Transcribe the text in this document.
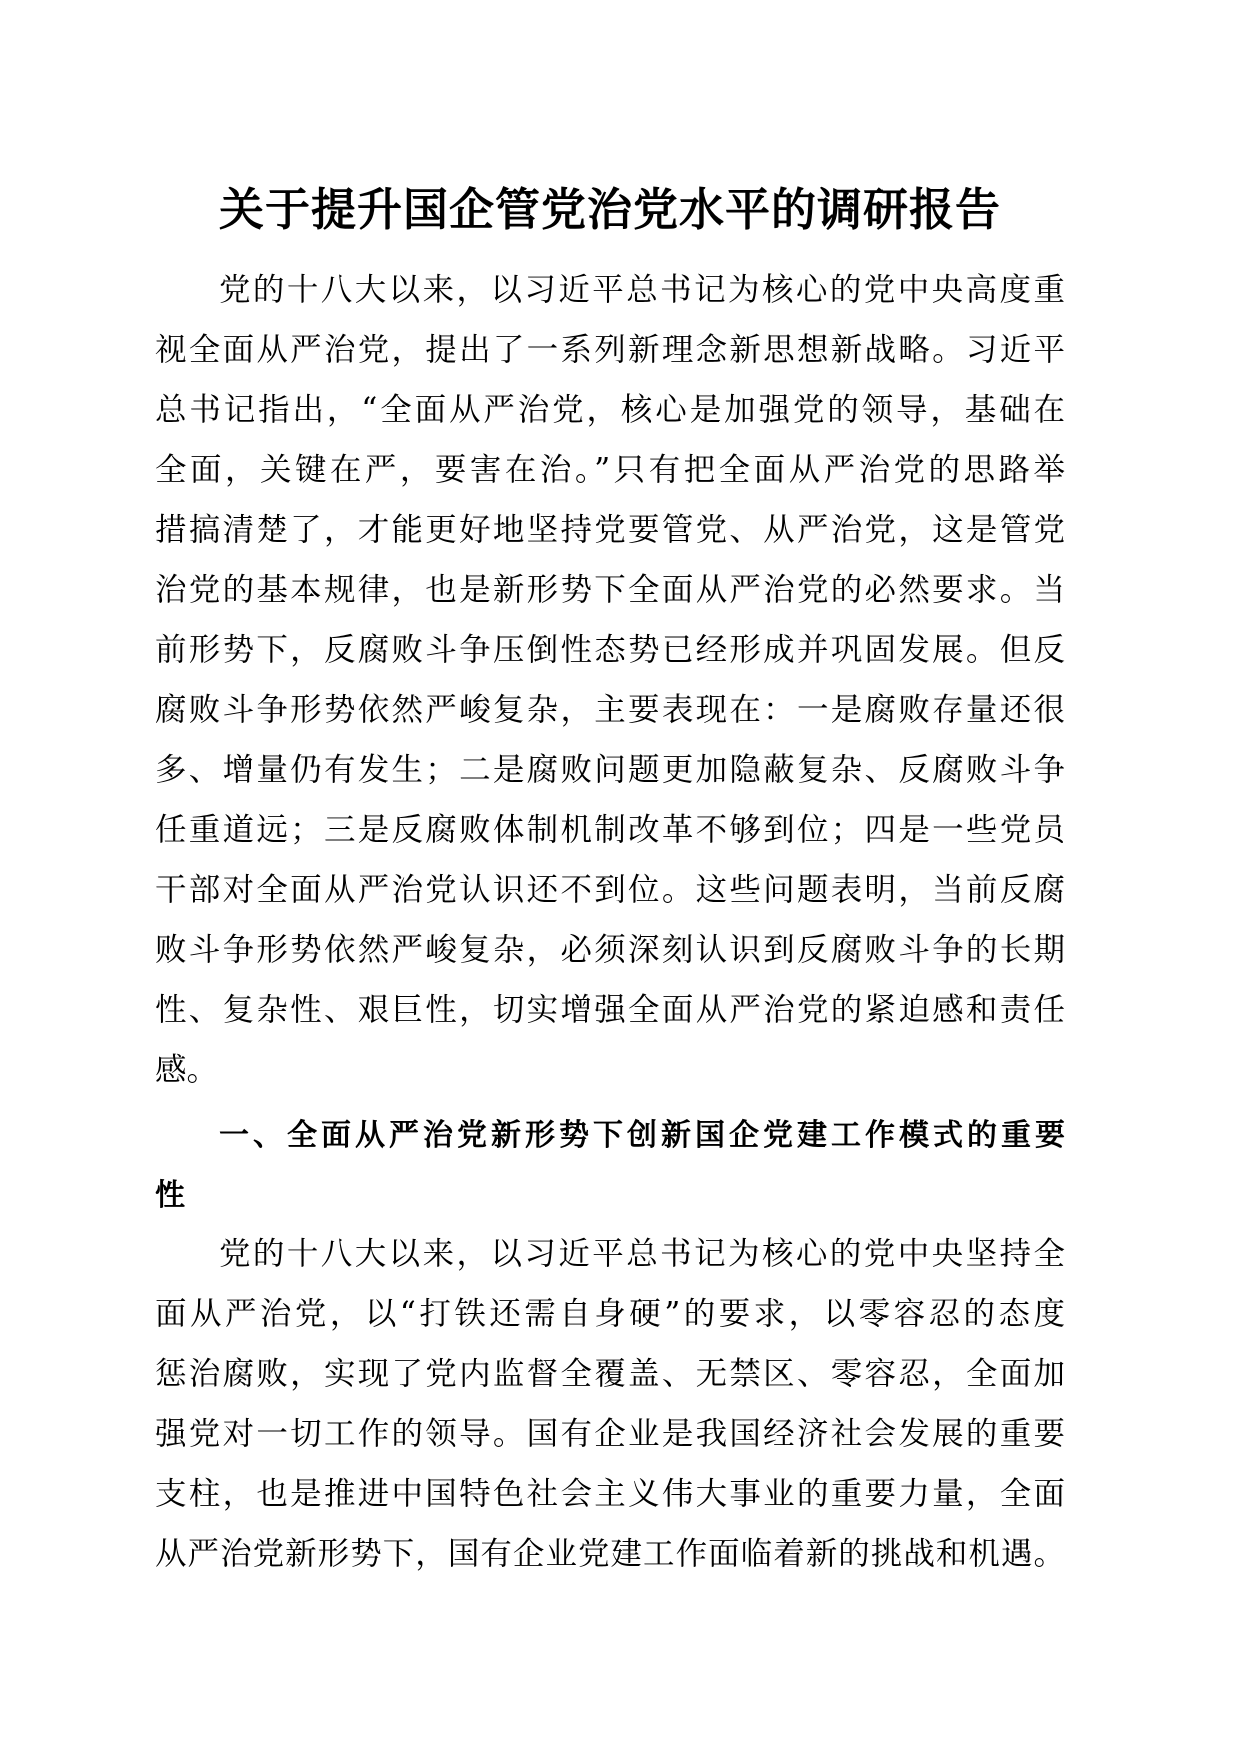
关于提升国企管党治党水平的调研报告
党的十八大以来，以习近平总书记为核心的党中央高度重
视全面从严治党，提出了一系列新理念新思想新战略。习近平
总书记指出，“全面从严治党，核心是加强党的领导，基础在
全面，关键在严，要害在治。”只有把全面从严治党的思路举
措搞清楚了，才能更好地坚持党要管党、从严治党，这是管党
治党的基本规律，也是新形势下全面从严治党的必然要求。当
前形势下，反腐败斗争压倒性态势已经形成并巩固发展。但反
腐败斗争形势依然严峻复杂，主要表现在：一是腐败存量还很
多、增量仍有发生；二是腐败问题更加隐蔽复杂、反腐败斗争
任重道远；三是反腐败体制机制改革不够到位；四是一些党员
干部对全面从严治党认识还不到位。这些问题表明，当前反腐
败斗争形势依然严峻复杂，必须深刻认识到反腐败斗争的长期
性、复杂性、艰巨性，切实增强全面从严治党的紧迫感和责任
感。
一、全面从严治党新形势下创新国企党建工作模式的重要
性
党的十八大以来，以习近平总书记为核心的党中央坚持全
面从严治党，以“打铁还需自身硬”的要求，以零容忍的态度
惩治腐败，实现了党内监督全覆盖、无禁区、零容忍，全面加
强党对一切工作的领导。国有企业是我国经济社会发展的重要
支柱，也是推进中国特色社会主义伟大事业的重要力量，全面
从严治党新形势下，国有企业党建工作面临着新的挑战和机遇。
